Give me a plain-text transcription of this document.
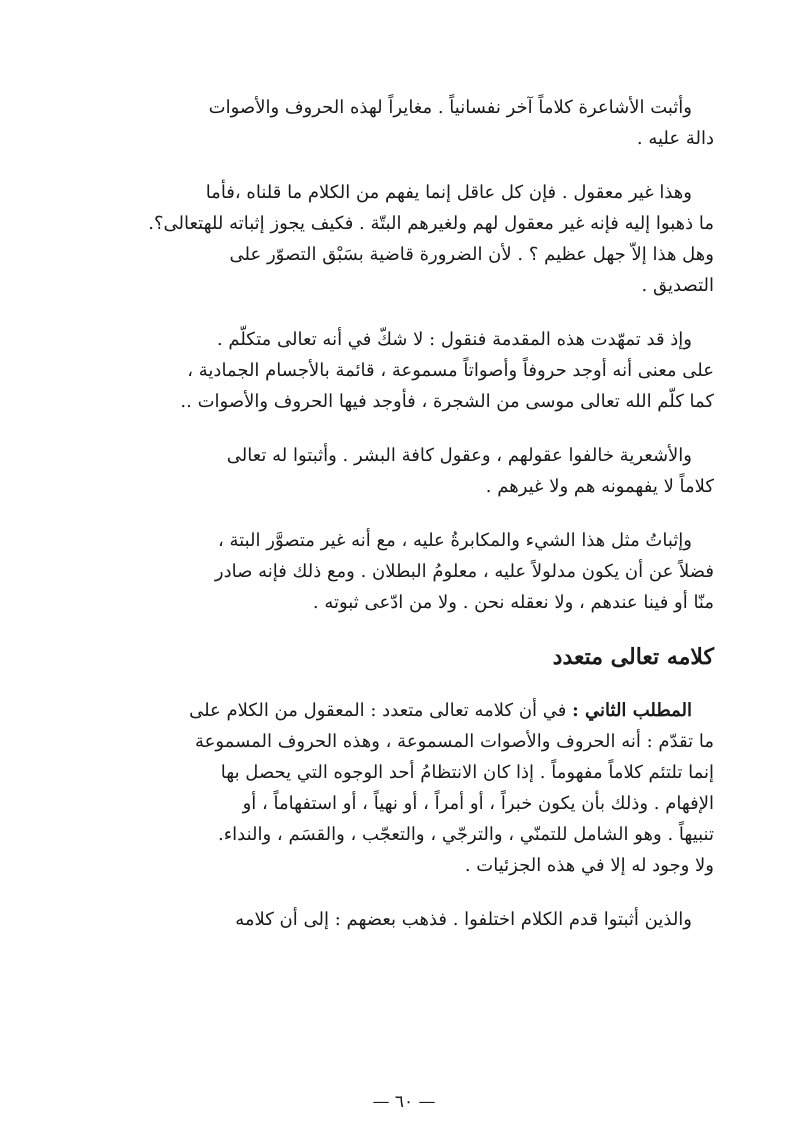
وأثبت الأشاعرة كلاماً آخر نفسانياً . مغايراً لهذه الحروف والأصوات
دالة عليه .

وهذا غير معقول . فإن كل عاقل إنما يفهم من الكلام ما قلناه ،فأما
ما ذهبوا إليه فإنه غير معقول لهم ولغيرهم البتّة . فكيف يجوز إثباته للهتعالى؟.
وهل هذا إلاّ جهل عظيم ؟ . لأن الضرورة قاضية بسَبْق التصوّر على
التصديق .

وإذ قد تمهّدت هذه المقدمة فنقول : لا شكّ في أنه تعالى متكلّم .
على معنى أنه أوجد حروفاً وأصواتاً مسموعة ، قائمة بالأجسام الجمادية ،
كما كلّم الله تعالى موسى من الشجرة ، فأوجد فيها الحروف والأصوات ..

والأشعرية خالفوا عقولهم ، وعقول كافة البشر . وأثبتوا له تعالى
كلاماً لا يفهمونه هم ولا غيرهم .

وإثباتُ مثل هذا الشيء والمكابرةُ عليه ، مع أنه غير متصوَّر البتة ،
فضلاً عن أن يكون مدلولاً عليه ، معلومُ البطلان . ومع ذلك فإنه صادر
منّا أو فينا عندهم ، ولا نعقله نحن . ولا من ادّعى ثبوته .

كلامه تعالى متعدد

المطلب الثاني : في أن كلامه تعالى متعدد : المعقول من الكلام على
ما تقدّم : أنه الحروف والأصوات المسموعة ، وهذه الحروف المسموعة
إنما تلتئم كلاماً مفهوماً . إذا كان الانتظامُ أحد الوجوه التي يحصل بها
الإفهام . وذلك بأن يكون خبراً ، أو أمراً ، أو نهياً ، أو استفهاماً ، أو
تنبيهاً . وهو الشامل للتمنّي ، والترجّي ، والتعجّب ، والقسَم ، والنداء.
ولا وجود له إلا في هذه الجزئيات .

والذين أثبتوا قدم الكلام اختلفوا . فذهب بعضهم : إلى أن كلامه

— ٦٠ —
